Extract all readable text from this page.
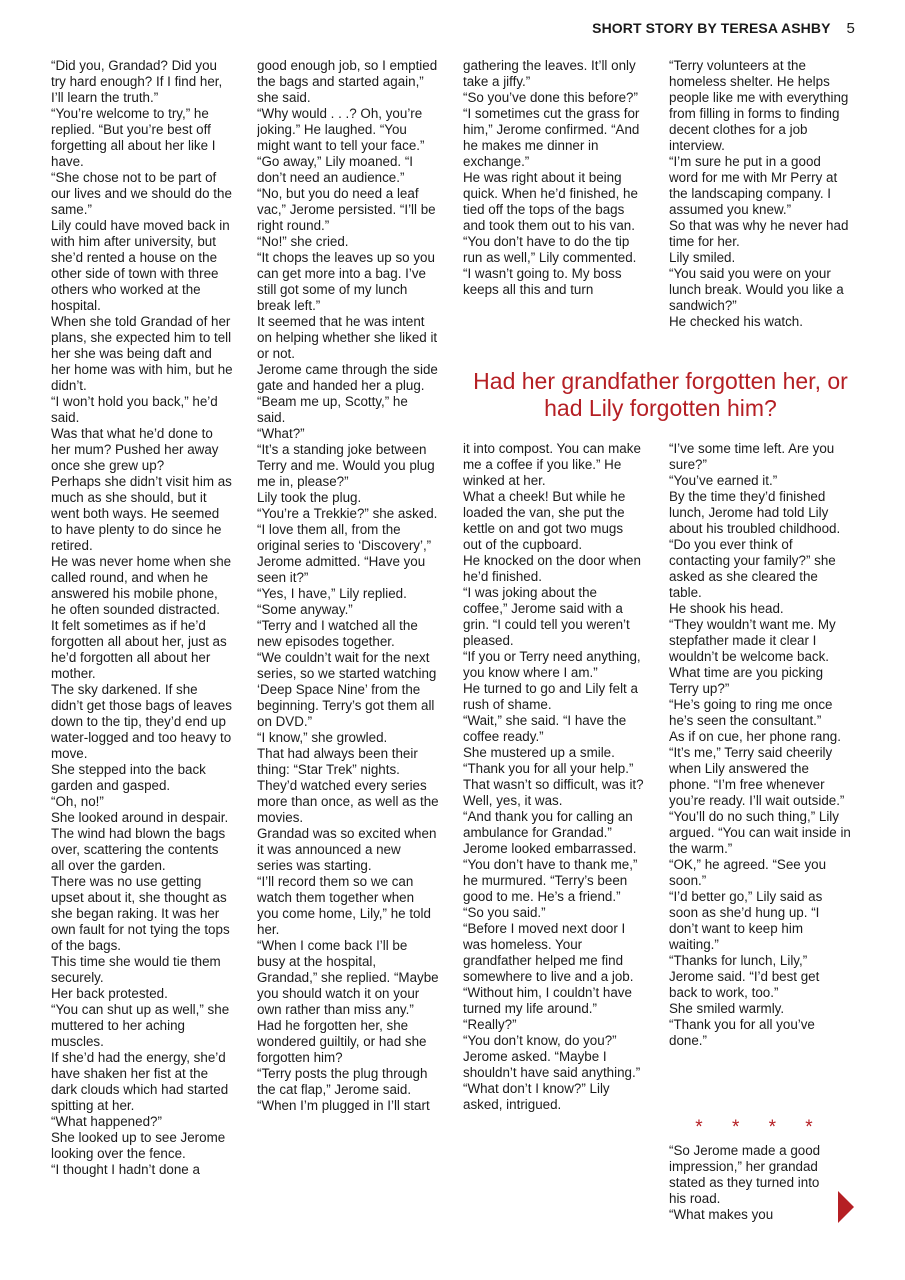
SHORT STORY BY TERESA ASHBY 5
“Did you, Grandad? Did you try hard enough? If I find her, I’ll learn the truth.”
“You’re welcome to try,” he replied. “But you’re best off forgetting all about her like I have.
“She chose not to be part of our lives and we should do the same.”
Lily could have moved back in with him after university, but she’d rented a house on the other side of town with three others who worked at the hospital.
When she told Grandad of her plans, she expected him to tell her she was being daft and her home was with him, but he didn’t.
“I won’t hold you back,” he’d said.
Was that what he’d done to her mum? Pushed her away once she grew up?
Perhaps she didn’t visit him as much as she should, but it went both ways. He seemed to have plenty to do since he retired.
He was never home when she called round, and when he answered his mobile phone, he often sounded distracted.
It felt sometimes as if he’d forgotten all about her, just as he’d forgotten all about her mother.
The sky darkened. If she didn’t get those bags of leaves down to the tip, they’d end up water-logged and too heavy to move.
She stepped into the back garden and gasped.
“Oh, no!”
She looked around in despair. The wind had blown the bags over, scattering the contents all over the garden.
There was no use getting upset about it, she thought as she began raking. It was her own fault for not tying the tops of the bags.
This time she would tie them securely.
Her back protested.
“You can shut up as well,” she muttered to her aching muscles.
If she’d had the energy, she’d have shaken her fist at the dark clouds which had started spitting at her.
“What happened?”
She looked up to see Jerome looking over the fence.
“I thought I hadn’t done a
good enough job, so I emptied the bags and started again,” she said.
“Why would . . .? Oh, you’re joking.” He laughed. “You might want to tell your face.”
“Go away,” Lily moaned. “I don’t need an audience.”
“No, but you do need a leaf vac,” Jerome persisted. “I’ll be right round.”
“No!” she cried.
“It chops the leaves up so you can get more into a bag. I’ve still got some of my lunch break left.”
It seemed that he was intent on helping whether she liked it or not.
Jerome came through the side gate and handed her a plug.
“Beam me up, Scotty,” he said.
“What?”
“It’s a standing joke between Terry and me. Would you plug me in, please?”
Lily took the plug.
“You’re a Trekkie?” she asked.
“I love them all, from the original series to ‘Discovery’,” Jerome admitted. “Have you seen it?”
“Yes, I have,” Lily replied. “Some anyway.”
“Terry and I watched all the new episodes together.
“We couldn’t wait for the next series, so we started watching ‘Deep Space Nine’ from the beginning. Terry’s got them all on DVD.”
“I know,” she growled.
That had always been their thing: “Star Trek” nights. They’d watched every series more than once, as well as the movies.
Grandad was so excited when it was announced a new series was starting.
“I’ll record them so we can watch them together when you come home, Lily,” he told her.
“When I come back I’ll be busy at the hospital, Grandad,” she replied. “Maybe you should watch it on your own rather than miss any.”
Had he forgotten her, she wondered guiltily, or had she forgotten him?
“Terry posts the plug through the cat flap,” Jerome said. “When I’m plugged in I’ll start
gathering the leaves. It’ll only take a jiffy.”
“So you’ve done this before?”
“I sometimes cut the grass for him,” Jerome confirmed. “And he makes me dinner in exchange.”
He was right about it being quick. When he’d finished, he tied off the tops of the bags and took them out to his van.
“You don’t have to do the tip run as well,” Lily commented.
“I wasn’t going to. My boss keeps all this and turn
“Terry volunteers at the homeless shelter. He helps people like me with everything from filling in forms to finding decent clothes for a job interview.
“I’m sure he put in a good word for me with Mr Perry at the landscaping company. I assumed you knew.”
So that was why he never had time for her.
Lily smiled.
“You said you were on your lunch break. Would you like a sandwich?”
He checked his watch.
Had her grandfather forgotten her, or had Lily forgotten him?
it into compost. You can make me a coffee if you like.” He winked at her.
What a cheek! But while he loaded the van, she put the kettle on and got two mugs out of the cupboard.
He knocked on the door when he’d finished.
“I was joking about the coffee,” Jerome said with a grin. “I could tell you weren’t pleased.
“If you or Terry need anything, you know where I am.”
He turned to go and Lily felt a rush of shame.
“Wait,” she said. “I have the coffee ready.”
She mustered up a smile.
“Thank you for all your help.”
That wasn’t so difficult, was it? Well, yes, it was.
“And thank you for calling an ambulance for Grandad.”
Jerome looked embarrassed.
“You don’t have to thank me,” he murmured. “Terry’s been good to me. He’s a friend.”
“So you said.”
“Before I moved next door I was homeless. Your grandfather helped me find somewhere to live and a job.
“Without him, I couldn’t have turned my life around.”
“Really?”
“You don’t know, do you?” Jerome asked. “Maybe I shouldn’t have said anything.”
“What don’t I know?” Lily asked, intrigued.
“I’ve some time left. Are you sure?”
“You’ve earned it.”
By the time they’d finished lunch, Jerome had told Lily about his troubled childhood.
“Do you ever think of contacting your family?” she asked as she cleared the table.
He shook his head.
“They wouldn’t want me. My stepfather made it clear I wouldn’t be welcome back. What time are you picking Terry up?”
“He’s going to ring me once he’s seen the consultant.”
As if on cue, her phone rang.
“It’s me,” Terry said cheerily when Lily answered the phone. “I’m free whenever you’re ready. I’ll wait outside.”
“You’ll do no such thing,” Lily argued. “You can wait inside in the warm.”
“OK,” he agreed. “See you soon.”
“I’d better go,” Lily said as soon as she’d hung up. “I don’t want to keep him waiting.”
“Thanks for lunch, Lily,” Jerome said. “I’d best get back to work, too.”
She smiled warmly.
“Thank you for all you’ve done.”
* * * *
“So Jerome made a good impression,” her grandad stated as they turned into his road.
“What makes you
